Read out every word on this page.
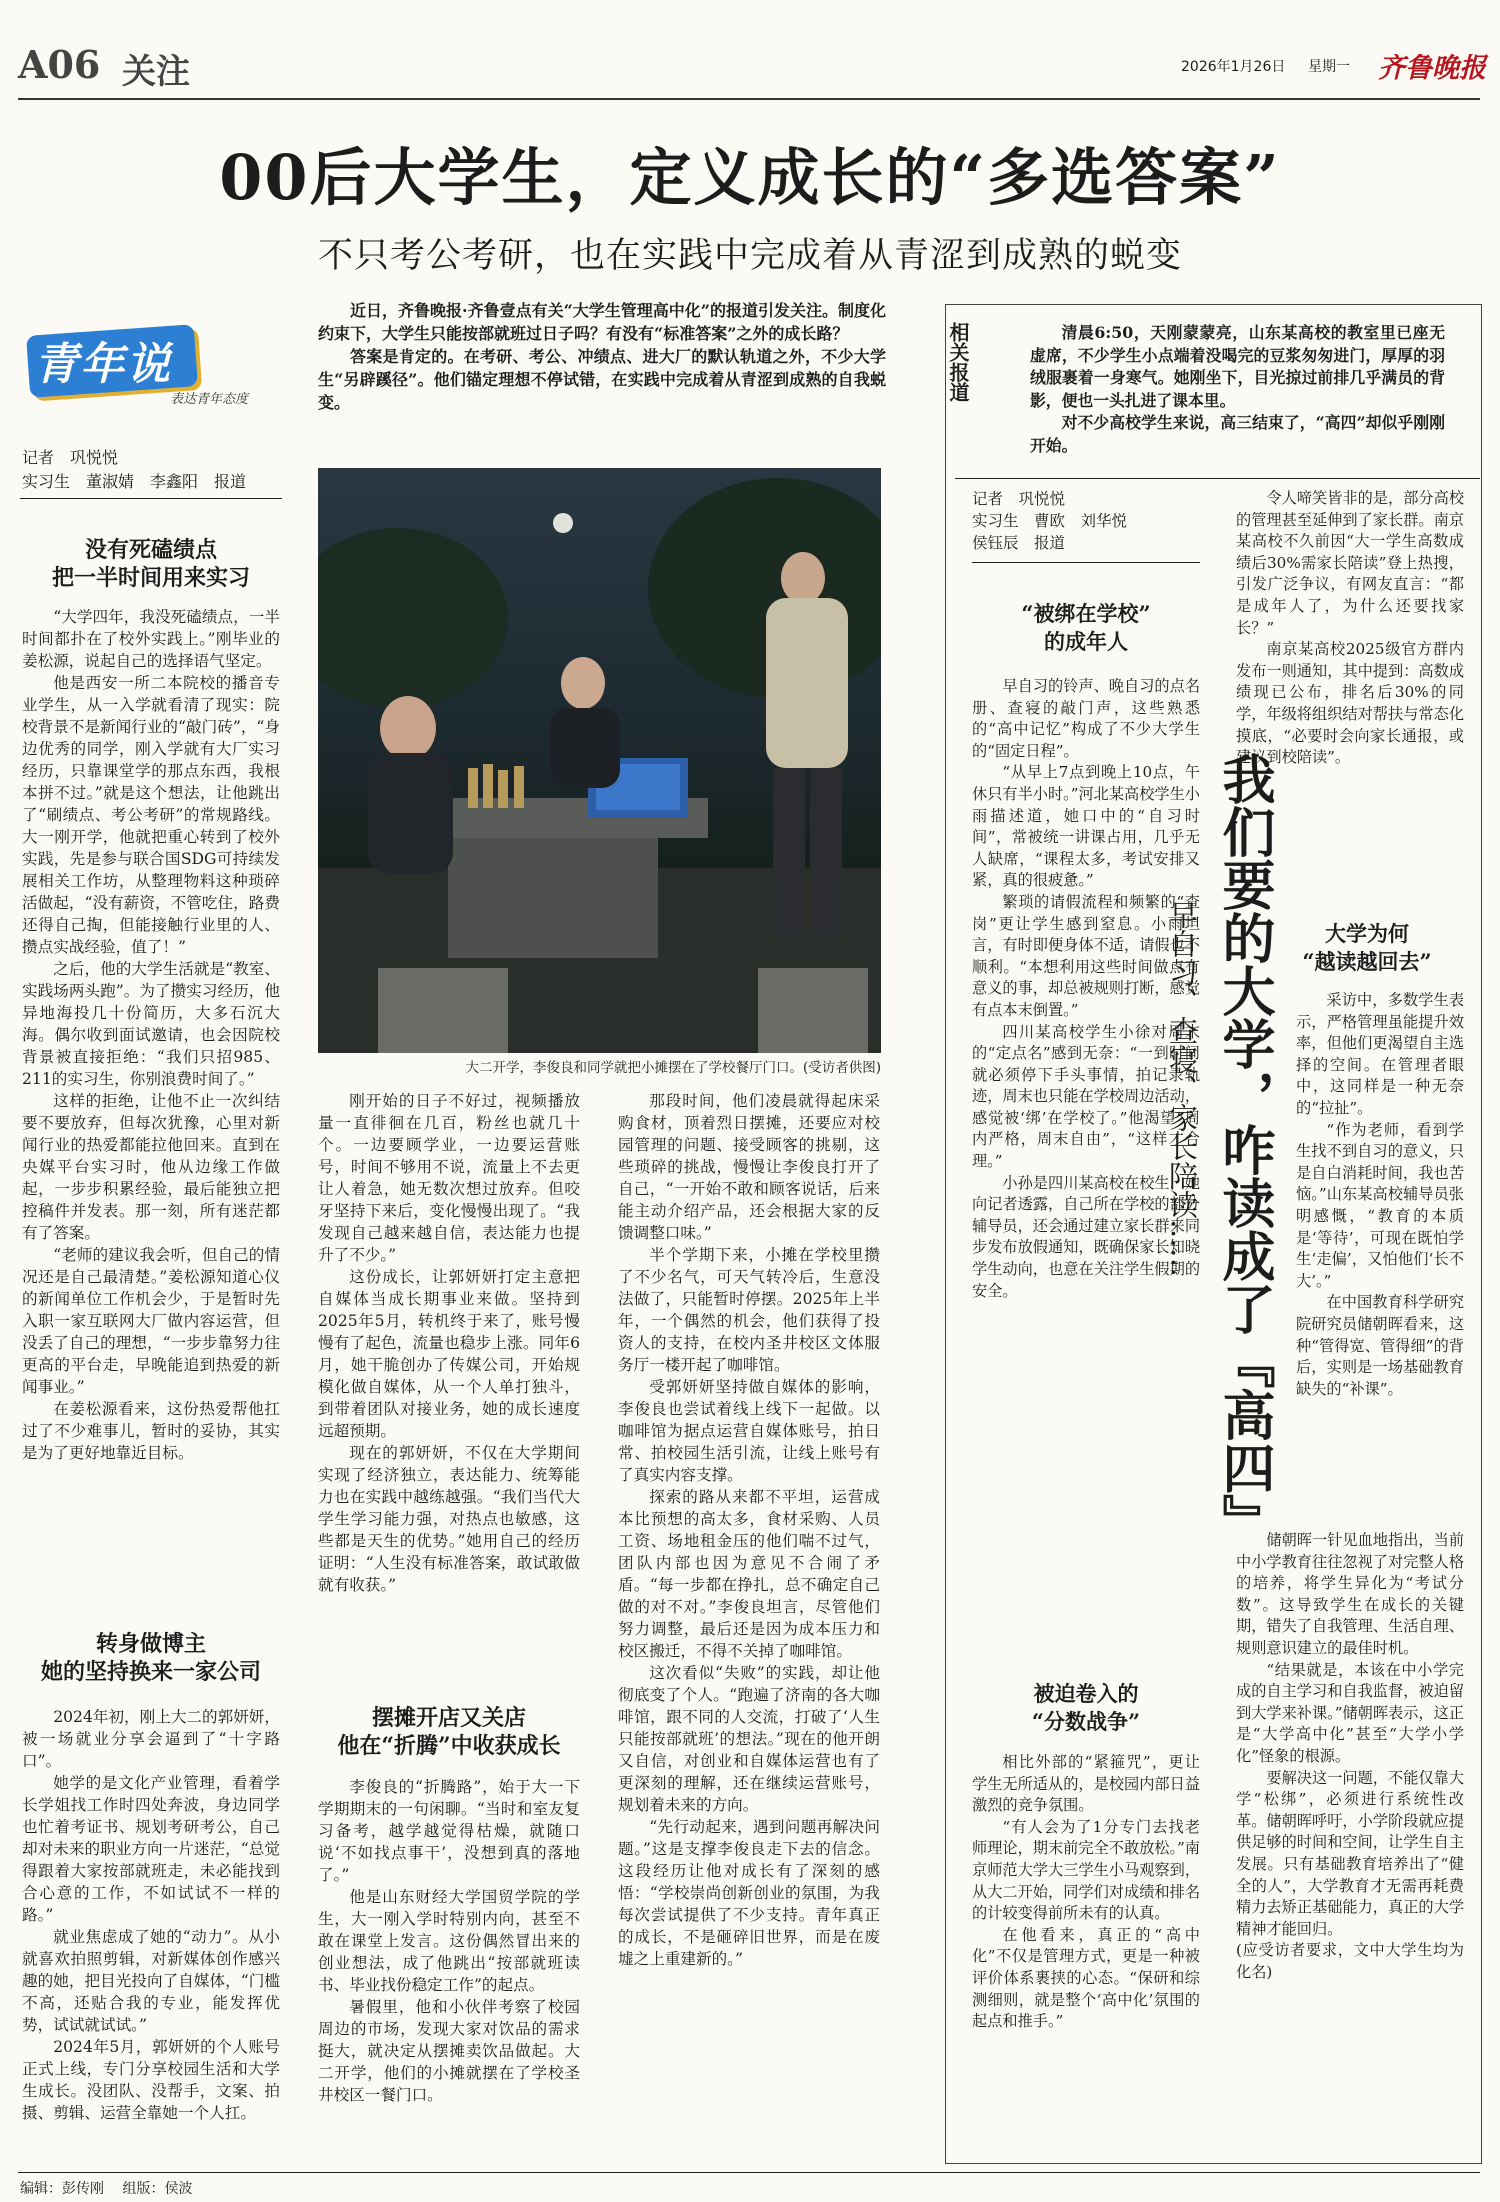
A06 关注	2026年1月26日 星期一 齐鲁晚报
00后大学生，定义成长的“多选答案”
不只考公考研，也在实践中完成着从青涩到成熟的蜕变
青年说
表达青年态度
记者　巩悦悦
实习生　董淑婧　李鑫阳　报道

近日，齐鲁晚报·齐鲁壹点有关“大学生管理高中化”的报道引发关注。制度化约束下，大学生只能按部就班过日子吗？有没有“标准答案”之外的成长路？

答案是肯定的。在考研、考公、冲绩点、进大厂的默认轨道之外，不少大学生“另辟蹊径”。他们锚定理想不停试错，在实践中完成着从青涩到成熟的自我蜕变。

大二开学，李俊良和同学就把小摊摆在了学校餐厅门口。(受访者供图)
没有死磕绩点
把一半时间用来实习

“大学四年，我没死磕绩点，一半时间都扑在了校外实践上。”刚毕业的姜松源，说起自己的选择语气坚定。

他是西安一所二本院校的播音专业学生，从一入学就看清了现实：院校背景不是新闻行业的“敲门砖”，“身边优秀的同学，刚入学就有大厂实习经历，只靠课堂学的那点东西，我根本拼不过。”就是这个想法，让他跳出了“刷绩点、考公考研”的常规路线。大一刚开学，他就把重心转到了校外实践，先是参与联合国SDG可持续发展相关工作坊，从整理物料这种琐碎活做起，“没有薪资，不管吃住，路费还得自己掏，但能接触行业里的人、攒点实战经验，值了！”

之后，他的大学生活就是“教室、实践场两头跑”。为了攒实习经历，他异地海投几十份简历，大多石沉大海。偶尔收到面试邀请，也会因院校背景被直接拒绝：“我们只招985、211的实习生，你别浪费时间了。”

这样的拒绝，让他不止一次纠结要不要放弃，但每次犹豫，心里对新闻行业的热爱都能拉他回来。直到在央媒平台实习时，他从边缘工作做起，一步步积累经验，最后能独立把控稿件并发表。那一刻，所有迷茫都有了答案。

“老师的建议我会听，但自己的情况还是自己最清楚。”姜松源知道心仪的新闻单位工作机会少，于是暂时先入职一家互联网大厂做内容运营，但没丢了自己的理想，“一步步靠努力往更高的平台走，早晚能追到热爱的新闻事业。”

在姜松源看来，这份热爱帮他扛过了不少难事儿，暂时的妥协，其实是为了更好地靠近目标。

转身做博主
她的坚持换来一家公司

2024年初，刚上大二的郭妍妍，被一场就业分享会逼到了“十字路口”。

她学的是文化产业管理，看着学长学姐找工作时四处奔波，身边同学也忙着考证书、规划考研考公，自己却对未来的职业方向一片迷茫，“总觉得跟着大家按部就班走，未必能找到合心意的工作，不如试试不一样的路。”

就业焦虑成了她的“动力”。从小就喜欢拍照剪辑，对新媒体创作感兴趣的她，把目光投向了自媒体，“门槛不高，还贴合我的专业，能发挥优势，试试就试试。”

2024年5月，郭妍妍的个人账号正式上线，专门分享校园生活和大学生成长。没团队、没帮手，文案、拍摄、剪辑、运营全靠她一个人扛。

刚开始的日子不好过，视频播放量一直徘徊在几百，粉丝也就几十个。一边要顾学业，一边要运营账号，时间不够用不说，流量上不去更让人着急，她无数次想过放弃。但咬牙坚持下来后，变化慢慢出现了。“我发现自己越来越自信，表达能力也提升了不少。”

这份成长，让郭妍妍打定主意把自媒体当成长期事业来做。坚持到2025年5月，转机终于来了，账号慢慢有了起色，流量也稳步上涨。同年6月，她干脆创办了传媒公司，开始规模化做自媒体，从一个人单打独斗，到带着团队对接业务，她的成长速度远超预期。

现在的郭妍妍，不仅在大学期间实现了经济独立，表达能力、统筹能力也在实践中越练越强。“我们当代大学生学习能力强，对热点也敏感，这些都是天生的优势。”她用自己的经历证明：“人生没有标准答案，敢试敢做就有收获。”

摆摊开店又关店
他在“折腾”中收获成长

李俊良的“折腾路”，始于大一下学期期末的一句闲聊。“当时和室友复习备考，越学越觉得枯燥，就随口说‘不如找点事干’，没想到真的落地了。”

他是山东财经大学国贸学院的学生，大一刚入学时特别内向，甚至不敢在课堂上发言。这份偶然冒出来的创业想法，成了他跳出“按部就班读书、毕业找份稳定工作”的起点。

暑假里，他和小伙伴考察了校园周边的市场，发现大家对饮品的需求挺大，就决定从摆摊卖饮品做起。大二开学，他们的小摊就摆在了学校圣井校区一餐门口。

那段时间，他们凌晨就得起床采购食材，顶着烈日摆摊，还要应对校园管理的问题、接受顾客的挑剔，这些琐碎的挑战，慢慢让李俊良打开了自己，“一开始不敢和顾客说话，后来能主动介绍产品，还会根据大家的反馈调整口味。”

半个学期下来，小摊在学校里攒了不少名气，可天气转冷后，生意没法做了，只能暂时停摆。2025年上半年，一个偶然的机会，他们获得了投资人的支持，在校内圣井校区文体服务厅一楼开起了咖啡馆。

受郭妍妍坚持做自媒体的影响，李俊良也尝试着线上线下一起做。以咖啡馆为据点运营自媒体账号，拍日常、拍校园生活引流，让线上账号有了真实内容支撑。

探索的路从来都不平坦，运营成本比预想的高太多，食材采购、人员工资、场地租金压的他们喘不过气，团队内部也因为意见不合闹了矛盾。“每一步都在挣扎，总不确定自己做的对不对。”李俊良坦言，尽管他们努力调整，最后还是因为成本压力和校区搬迁，不得不关掉了咖啡馆。

这次看似“失败”的实践，却让他彻底变了个人。“跑遍了济南的各大咖啡馆，跟不同的人交流，打破了‘人生只能按部就班’的想法。”现在的他开朗又自信，对创业和自媒体运营也有了更深刻的理解，还在继续运营账号，规划着未来的方向。

“先行动起来，遇到问题再解决问题。”这是支撑李俊良走下去的信念。这段经历让他对成长有了深刻的感悟：“学校崇尚创新创业的氛围，为我每次尝试提供了不少支持。青年真正的成长，不是砸碎旧世界，而是在废墟之上重建新的。”

相关报道	清晨6:50，天刚蒙蒙亮，山东某高校的教室里已座无虚席，不少学生小点端着没喝完的豆浆匆匆进门，厚厚的羽绒服裹着一身寒气。她刚坐下，目光掠过前排几乎满员的背影，便也一头扎进了课本里。

对不少高校学生来说，高三结束了，“高四”却似乎刚刚开始。

记者　巩悦悦
实习生　曹欧　刘华悦
侯钰辰　报道
“被绑在学校”
的成年人

早自习的铃声、晚自习的点名册、查寝的敲门声，这些熟悉的“高中记忆”构成了不少大学生的“固定日程”。

“从早上7点到晚上10点，午休只有半小时。”河北某高校学生小雨描述道，她口中的“自习时间”，常被统一讲课占用，几乎无人缺席，“课程太多，考试安排又紧，真的很疲惫。”

繁琐的请假流程和频繁的“查岗”更让学生感到窒息。小雨坦言，有时即便身体不适，请假也不顺利。“本想利用这些时间做点有意义的事，却总被规则打断，感觉有点本末倒置。”

四川某高校学生小徐对周末的“定点名”感到无奈：“一到时间就必须停下手头事情，拍记录轨迹，周末也只能在学校周边活动，感觉被‘绑’在学校了。”他渴望“周内严格，周末自由”，“这样才合理。”

小孙是四川某高校在校生，她向记者透露，自己所在学校的部分辅导员，还会通过建立家长群来同步发布放假通知，既确保家长知晓学生动向，也意在关注学生假期的安全。

被迫卷入的
“分数战争”

相比外部的“紧箍咒”，更让学生无所适从的，是校园内部日益激烈的竞争氛围。

“有人会为了1分专门去找老师理论，期末前完全不敢放松。”南京师范大学大三学生小马观察到，从大二开始，同学们对成绩和排名的计较变得前所未有的认真。

在他看来，真正的“高中化”不仅是管理方式，更是一种被评价体系裹挟的心态。“保研和综测细则，就是整个‘高中化’氛围的起点和推手。”

我们要的大学，咋读成了『高四』
早自习、查寝、家长陪读……

令人啼笑皆非的是，部分高校的管理甚至延伸到了家长群。南京某高校不久前因“大一学生高数成绩后30%需家长陪读”登上热搜，引发广泛争议，有网友直言：“都是成年人了，为什么还要找家长？”

南京某高校2025级官方群内发布一则通知，其中提到：高数成绩现已公布，排名后30%的同学，年级将组织结对帮扶与常态化摸底，“必要时会向家长通报，或建议到校陪读”。

大学为何
“越读越回去”

采访中，多数学生表示，严格管理虽能提升效率，但他们更渴望自主选择的空间。在管理者眼中，这同样是一种无奈的“拉扯”。

“作为老师，看到学生找不到自习的意义，只是自白消耗时间，我也苦恼。”山东某高校辅导员张明感慨，“教育的本质是‘等待’，可现在既怕学生‘走偏’，又怕他们‘长不大’。”

在中国教育科学研究院研究员储朝晖看来，这种“管得宽、管得细”的背后，实则是一场基础教育缺失的“补课”。

储朝晖一针见血地指出，当前中小学教育往往忽视了对完整人格的培养，将学生异化为“考试分数”。这导致学生在成长的关键期，错失了自我管理、生活自理、规则意识建立的最佳时机。

“结果就是，本该在中小学完成的自主学习和自我监督，被迫留到大学来补课。”储朝晖表示，这正是“大学高中化”甚至“大学小学化”怪象的根源。

要解决这一问题，不能仅靠大学“松绑”，必须进行系统性改革。储朝晖呼吁，小学阶段就应提供足够的时间和空间，让学生自主发展。只有基础教育培养出了“健全的人”，大学教育才无需再耗费精力去矫正基础能力，真正的大学精神才能回归。

(应受访者要求，文中大学生均为化名)

编辑：彭传刚　 组版：侯波
